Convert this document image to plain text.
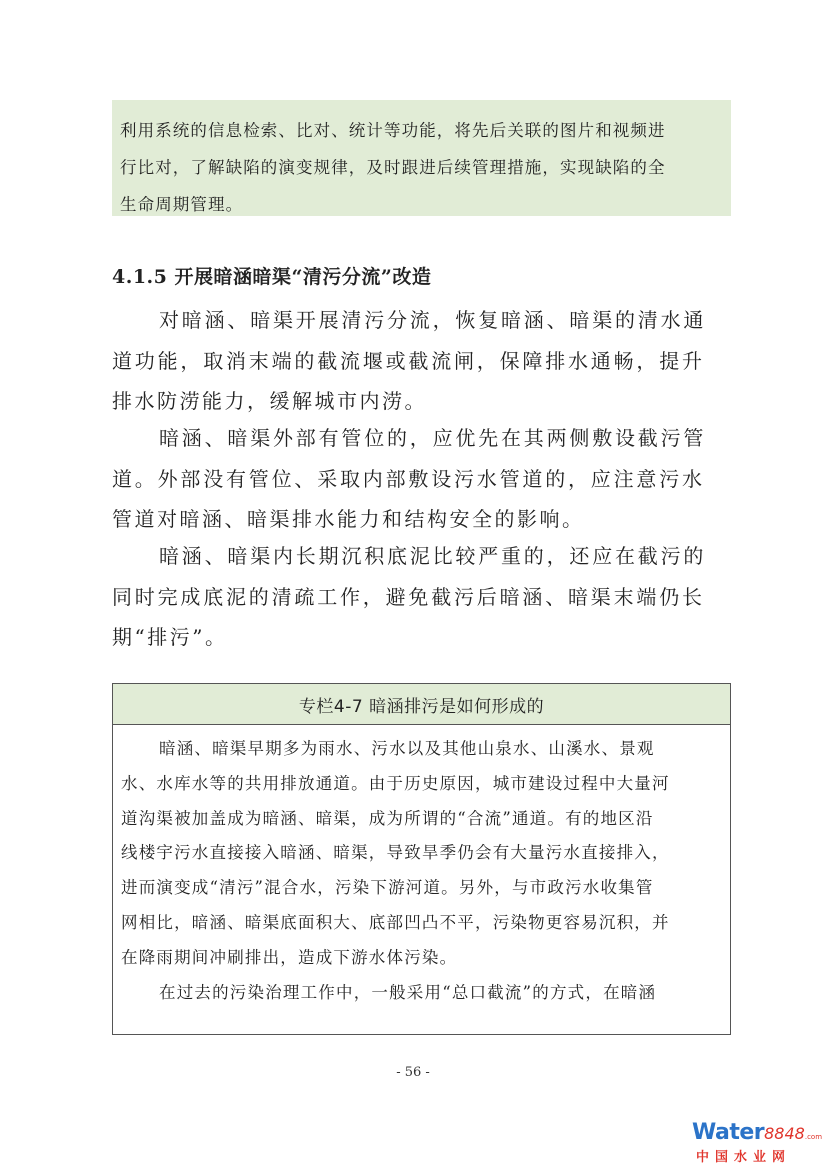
利用系统的信息检索、比对、统计等功能，将先后关联的图片和视频进

行比对，了解缺陷的演变规律，及时跟进后续管理措施，实现缺陷的全

生命周期管理。

4.1.5 开展暗涵暗渠“清污分流”改造

对暗涵、暗渠开展清污分流，恢复暗涵、暗渠的清水通
道功能，取消末端的截流堰或截流闸，保障排水通畅，提升
排水防涝能力，缓解城市内涝。

暗涵、暗渠外部有管位的，应优先在其两侧敷设截污管
道。外部没有管位、采取内部敷设污水管道的，应注意污水
管道对暗涵、暗渠排水能力和结构安全的影响。

暗涵、暗渠内长期沉积底泥比较严重的，还应在截污的
同时完成底泥的清疏工作，避免截污后暗涵、暗渠末端仍长
期“排污”。

专栏4-7 暗涵排污是如何形成的
暗涵、暗渠早期多为雨水、污水以及其他山泉水、山溪水、景观
水、水库水等的共用排放通道。由于历史原因，城市建设过程中大量河
道沟渠被加盖成为暗涵、暗渠，成为所谓的“合流”通道。有的地区沿
线楼宇污水直接接入暗涵、暗渠，导致旱季仍会有大量污水直接排入，
进而演变成“清污”混合水，污染下游河道。另外，与市政污水收集管
网相比，暗涵、暗渠底面积大、底部凹凸不平，污染物更容易沉积，并
在降雨期间冲刷排出，造成下游水体污染。
在过去的污染治理工作中，一般采用“总口截流”的方式，在暗涵

- 56 -

Water8848.com
中国水业网
